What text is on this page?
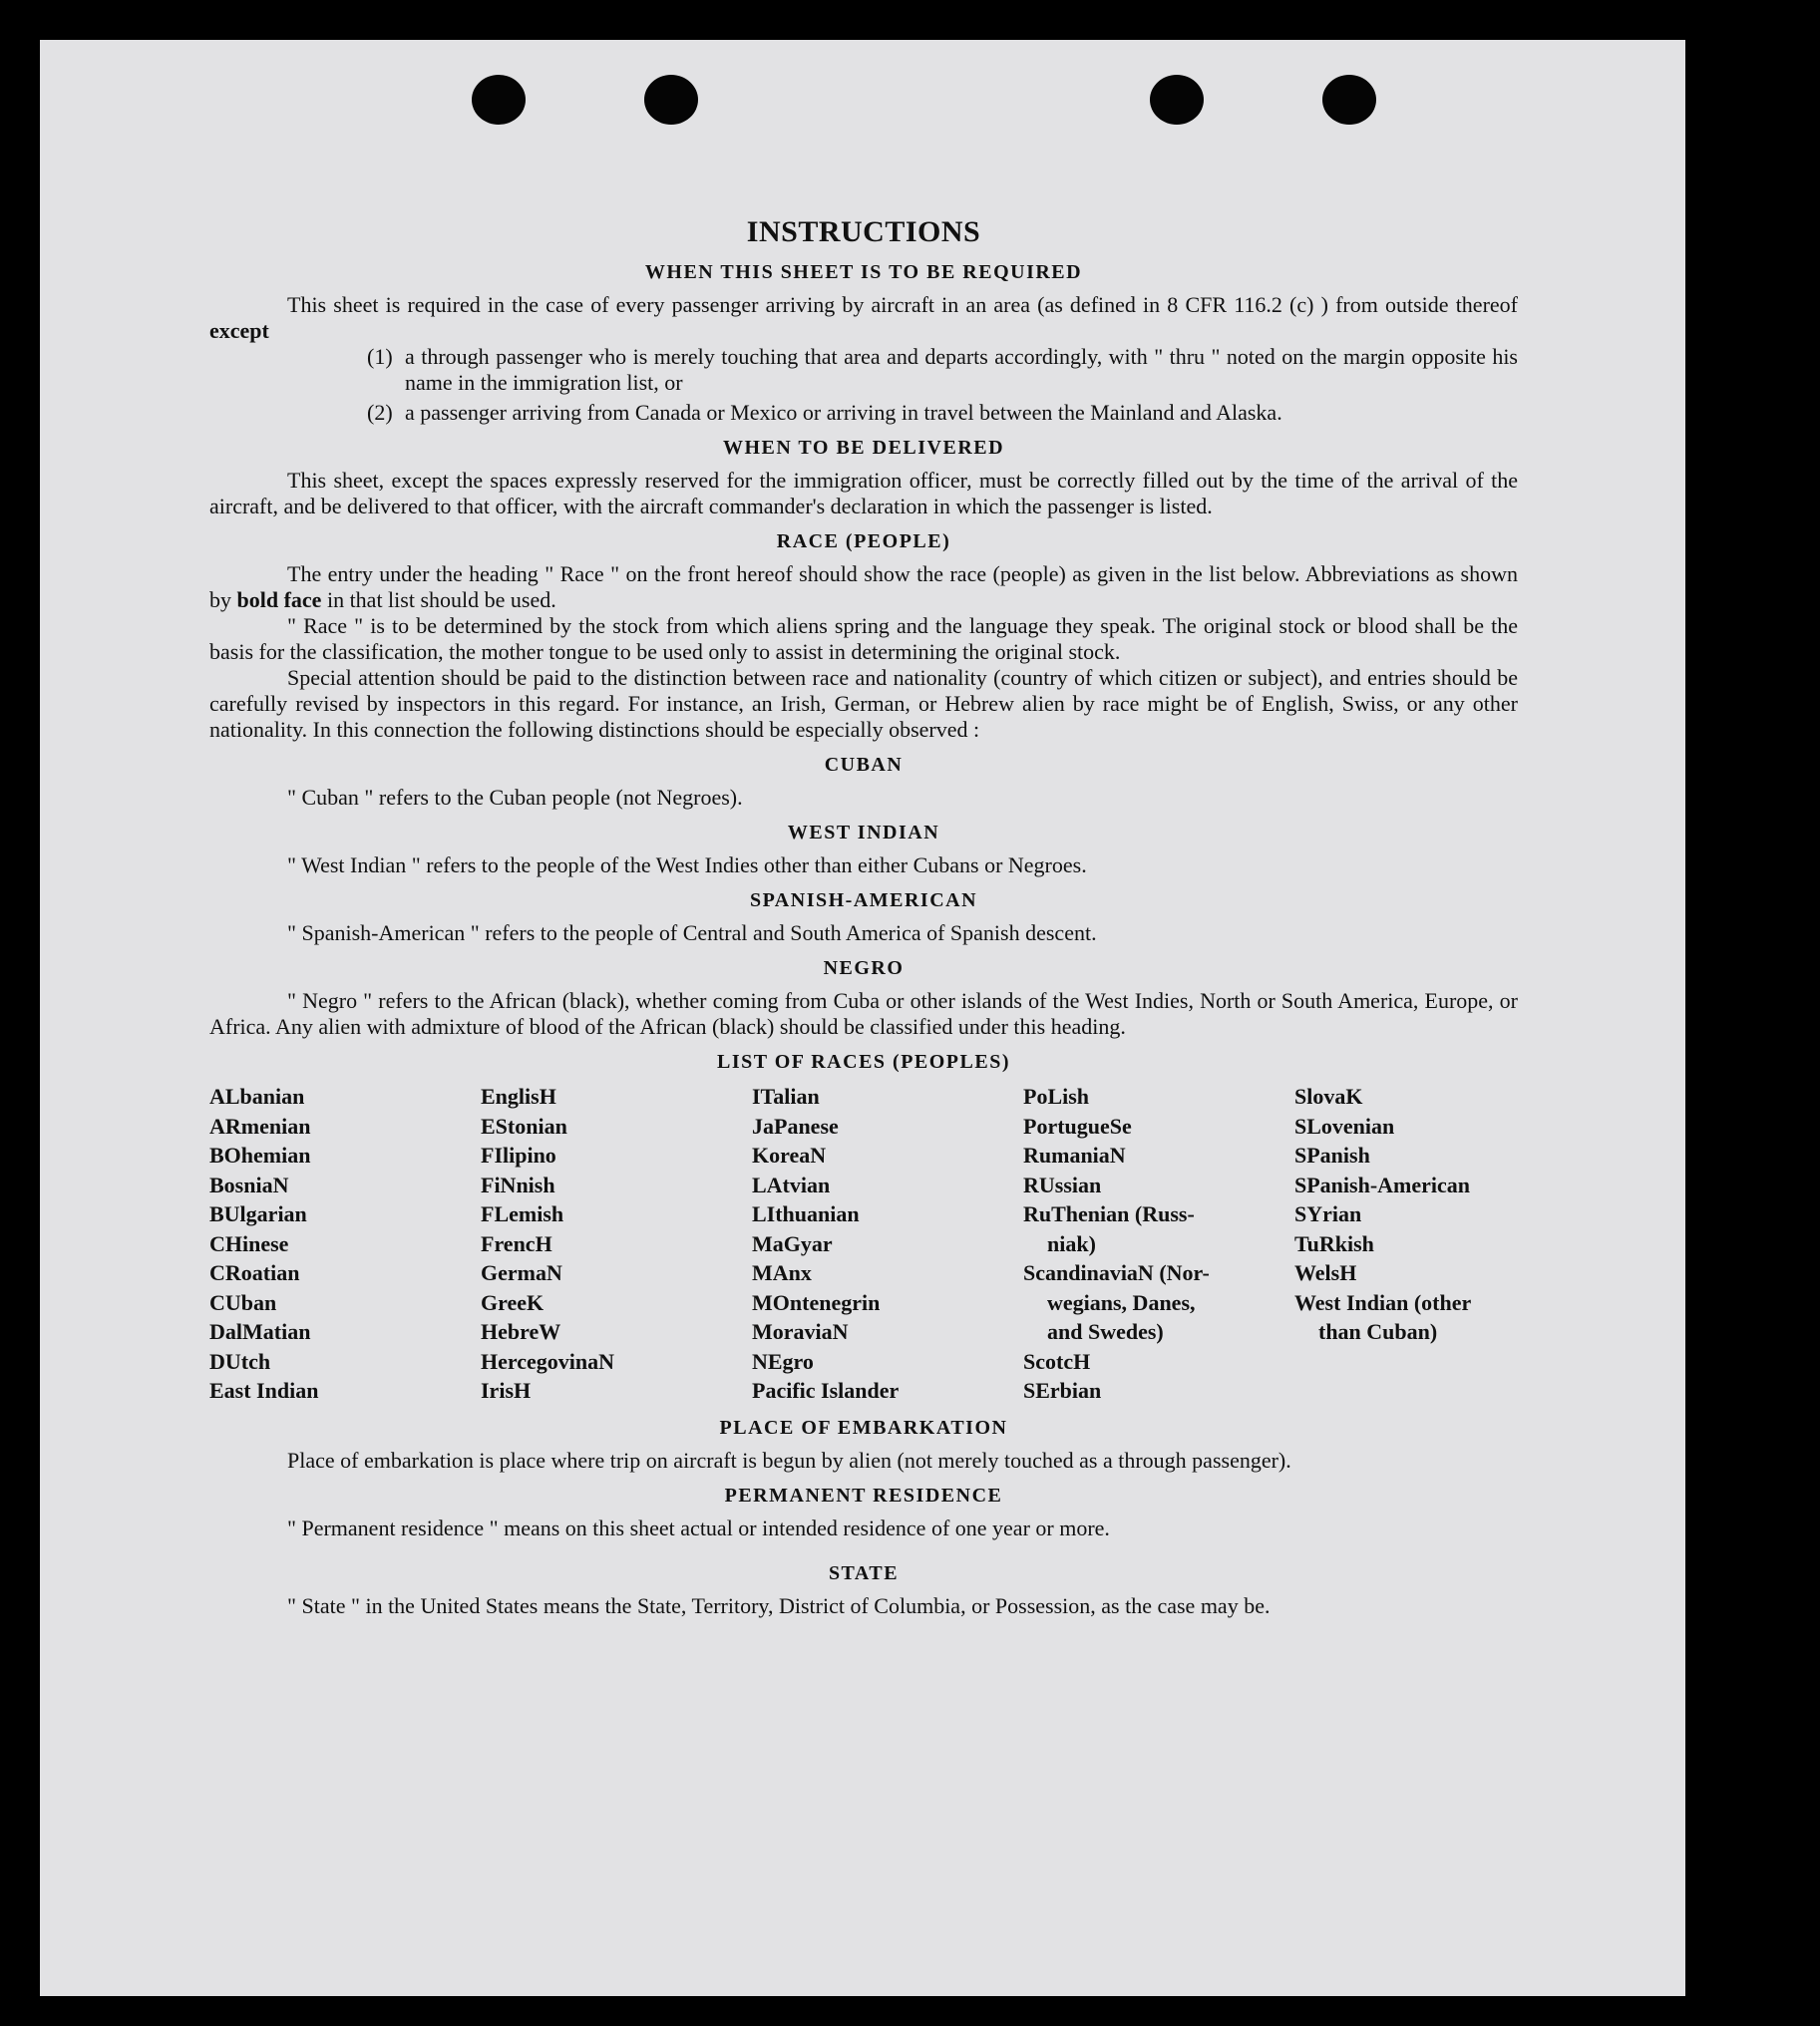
INSTRUCTIONS
WHEN THIS SHEET IS TO BE REQUIRED

This sheet is required in the case of every passenger arriving by aircraft in an area (as defined in 8 CFR 116.2 (c) ) from outside thereof except

(1) a through passenger who is merely touching that area and departs accordingly, with " thru " noted on the margin opposite his name in the immigration list, or
(2) a passenger arriving from Canada or Mexico or arriving in travel between the Mainland and Alaska.
WHEN TO BE DELIVERED

This sheet, except the spaces expressly reserved for the immigration officer, must be correctly filled out by the time of the arrival of the aircraft, and be delivered to that officer, with the aircraft commander's declaration in which the passenger is listed.

RACE (PEOPLE)

The entry under the heading " Race " on the front hereof should show the race (people) as given in the list below. Abbreviations as shown by bold face in that list should be used.

" Race " is to be determined by the stock from which aliens spring and the language they speak. The original stock or blood shall be the basis for the classification, the mother tongue to be used only to assist in determining the original stock.

Special attention should be paid to the distinction between race and nationality (country of which citizen or subject), and entries should be carefully revised by inspectors in this regard. For instance, an Irish, German, or Hebrew alien by race might be of English, Swiss, or any other nationality. In this connection the following distinctions should be especially observed :

CUBAN

" Cuban " refers to the Cuban people (not Negroes).

WEST INDIAN

" West Indian " refers to the people of the West Indies other than either Cubans or Negroes.

SPANISH-AMERICAN

" Spanish-American " refers to the people of Central and South America of Spanish descent.

NEGRO

" Negro " refers to the African (black), whether coming from Cuba or other islands of the West Indies, North or South America, Europe, or Africa. Any alien with admixture of blood of the African (black) should be classified under this heading.

LIST OF RACES (PEOPLES)
ALbanian
ARmenian
BOhemian
BosniaN
BUlgarian
CHinese
CRoatian
CUban
DalMatian
DUtch
East Indian
EnglisH
EStonian
FIlipino
FiNnish
FLemish
FrencH
GermaN
GreeK
HebreW
HercegovinaN
IrisH
ITalian
JaPanese
KoreaN
LAtvian
LIthuanian
MaGyar
MAnx
MOntenegrin
MoraviaN
NEgro
Pacific Islander
PoLish
PortugueSe
RumaniaN
RUssian
RuThenian (Russ-
niak)
ScandinaviaN (Nor-
wegians, Danes,
and Swedes)
ScotcH
SErbian
SlovaK
SLovenian
SPanish
SPanish-American
SYrian
TuRkish
WelsH
West Indian (other
than Cuban)
PLACE OF EMBARKATION

Place of embarkation is place where trip on aircraft is begun by alien (not merely touched as a through passenger).

PERMANENT RESIDENCE

" Permanent residence " means on this sheet actual or intended residence of one year or more.

STATE

" State " in the United States means the State, Territory, District of Columbia, or Possession, as the case may be.
